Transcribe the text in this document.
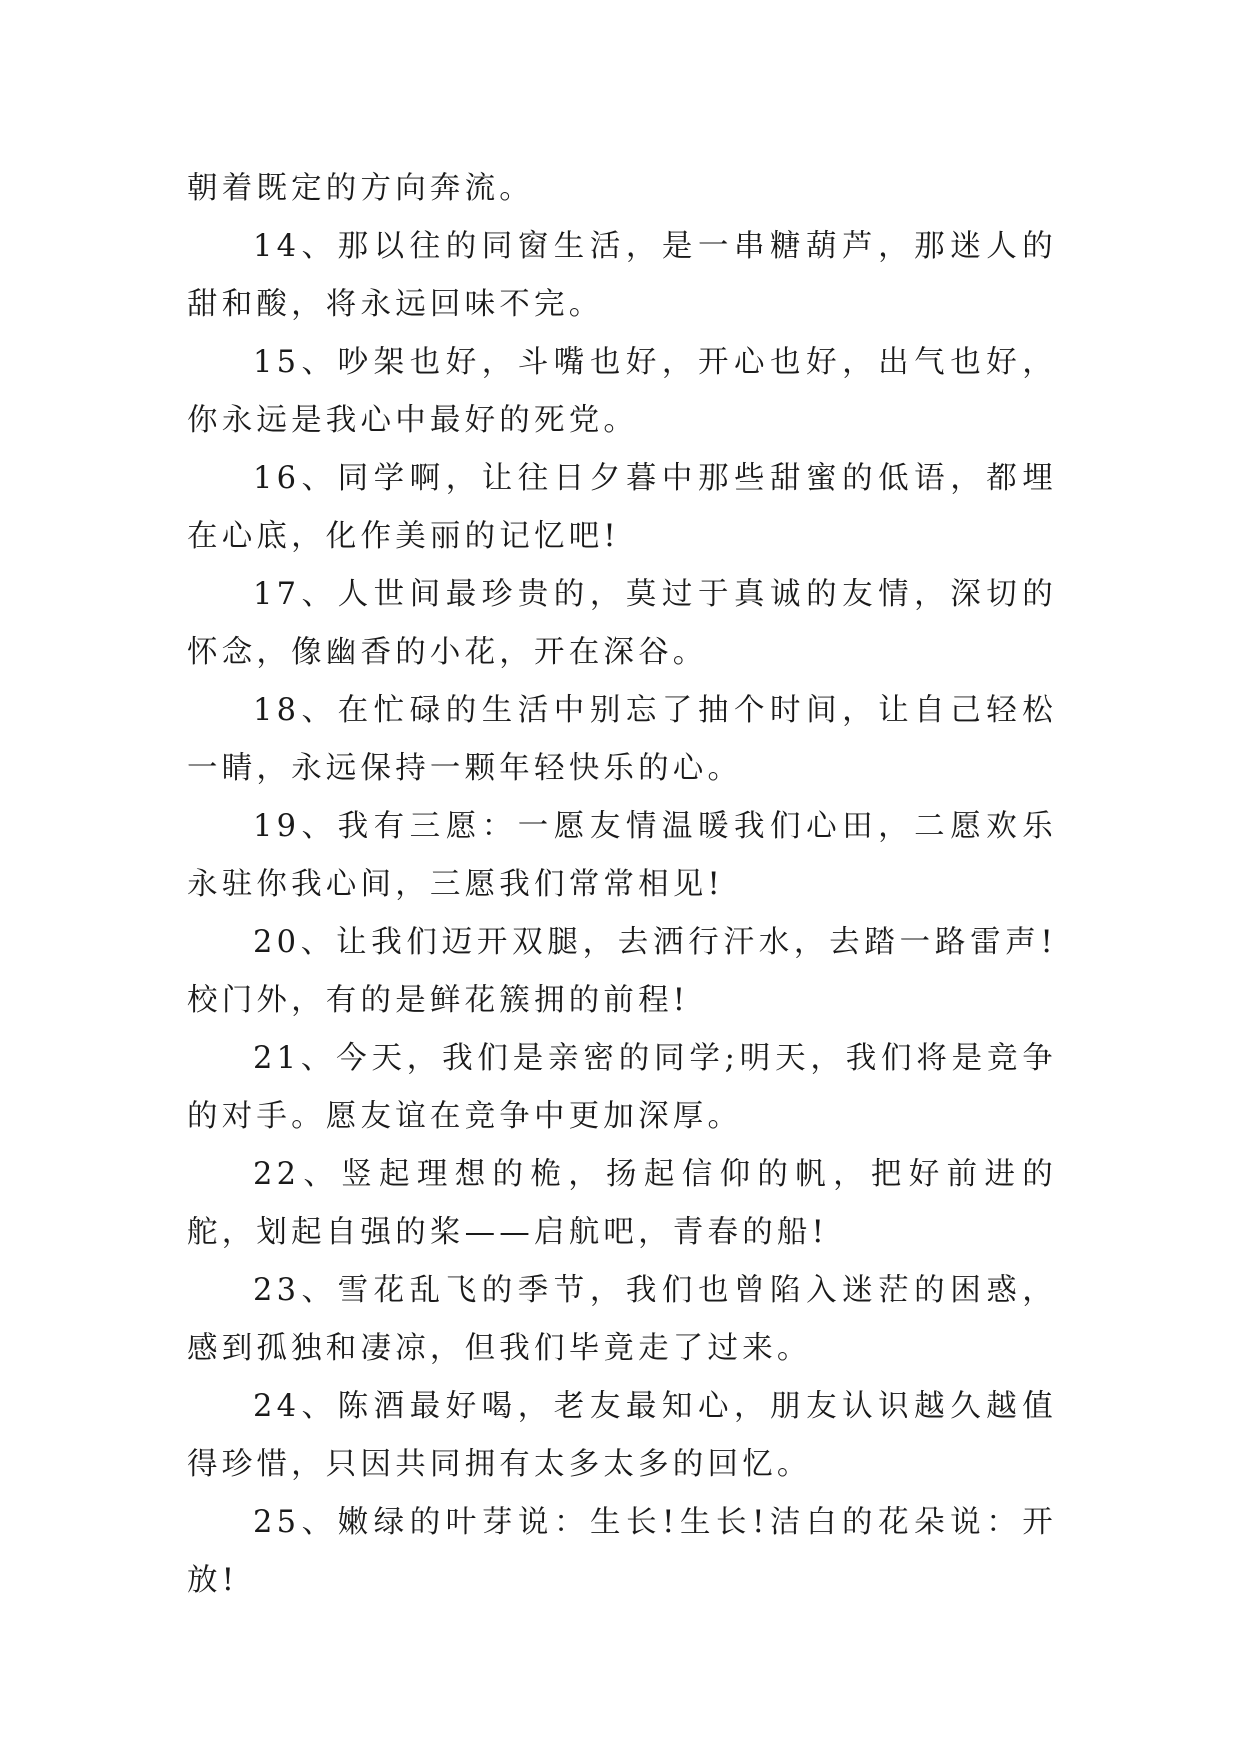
朝着既定的方向奔流。

14、那以往的同窗生活，是一串糖葫芦，那迷人的甜和酸，将永远回味不完。

15、吵架也好，斗嘴也好，开心也好，出气也好，你永远是我心中最好的死党。

16、同学啊，让往日夕暮中那些甜蜜的低语，都埋在心底，化作美丽的记忆吧!

17、人世间最珍贵的，莫过于真诚的友情，深切的怀念，像幽香的小花，开在深谷。

18、在忙碌的生活中别忘了抽个时间，让自己轻松一睛，永远保持一颗年轻快乐的心。

19、我有三愿：一愿友情温暖我们心田，二愿欢乐永驻你我心间，三愿我们常常相见!

20、让我们迈开双腿，去洒行汗水，去踏一路雷声!校门外，有的是鲜花簇拥的前程!

21、今天，我们是亲密的同学;明天，我们将是竞争的对手。愿友谊在竞争中更加深厚。

22、竖起理想的桅，扬起信仰的帆，把好前进的舵，划起自强的桨——启航吧，青春的船!

23、雪花乱飞的季节，我们也曾陷入迷茫的困惑，感到孤独和凄凉，但我们毕竟走了过来。

24、陈酒最好喝，老友最知心，朋友认识越久越值得珍惜，只因共同拥有太多太多的回忆。

25、嫩绿的叶芽说：生长!生长!洁白的花朵说：开放!
